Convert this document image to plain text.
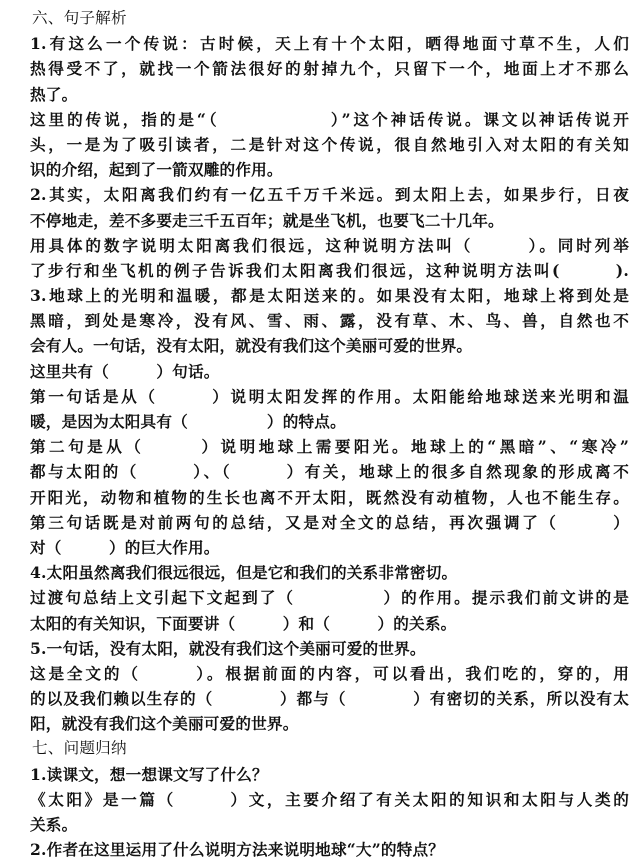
六、句子解析
1.有这么一个传说：古时候，天上有十个太阳，晒得地面寸草不生，人们
热得受不了，就找一个箭法很好的射掉九个，只留下一个，地面上才不那么
热了。
这里的传说，指的是“（　　　　　　）”这个神话传说。课文以神话传说开
头，一是为了吸引读者，二是针对这个传说，很自然地引入对太阳的有关知
识的介绍，起到了一箭双雕的作用。
2.其实，太阳离我们约有一亿五千万千米远。到太阳上去，如果步行，日夜
不停地走，差不多要走三千五百年；就是坐飞机，也要飞二十几年。
用具体的数字说明太阳离我们很远，这种说明方法叫（　　　）。同时列举
了步行和坐飞机的例子告诉我们太阳离我们很远，这种说明方法叫(　　　).
3.地球上的光明和温暖，都是太阳送来的。如果没有太阳，地球上将到处是
黑暗，到处是寒冷，没有风、雪、雨、露，没有草、木、鸟、兽，自然也不
会有人。一句话，没有太阳，就没有我们这个美丽可爱的世界。
这里共有（　　　）句话。
第一句话是从（　　　）说明太阳发挥的作用。太阳能给地球送来光明和温
暖，是因为太阳具有（　　　　　）的特点。
第二句是从（　　　）说明地球上需要阳光。地球上的“黑暗”、“寒冷”
都与太阳的（　　　）、（　　　）有关，地球上的很多自然现象的形成离不
开阳光，动物和植物的生长也离不开太阳，既然没有动植物，人也不能生存。
第三句话既是对前两句的总结，又是对全文的总结，再次强调了（　　　）
对（　　　）的巨大作用。
4.太阳虽然离我们很远很远，但是它和我们的关系非常密切。
过渡句总结上文引起下文起到了（　　　　　）的作用。提示我们前文讲的是
太阳的有关知识，下面要讲（　　　）和（　　　）的关系。
5.一句话，没有太阳，就没有我们这个美丽可爱的世界。
这是全文的（　　　）。根据前面的内容，可以看出，我们吃的，穿的，用
的以及我们赖以生存的（　　　　）都与（　　　　）有密切的关系，所以没有太
阳，就没有我们这个美丽可爱的世界。
七、问题归纳
1.读课文，想一想课文写了什么？
《太阳》是一篇（　　　）文，主要介绍了有关太阳的知识和太阳与人类的
关系。
2.作者在这里运用了什么说明方法来说明地球“大”的特点？
